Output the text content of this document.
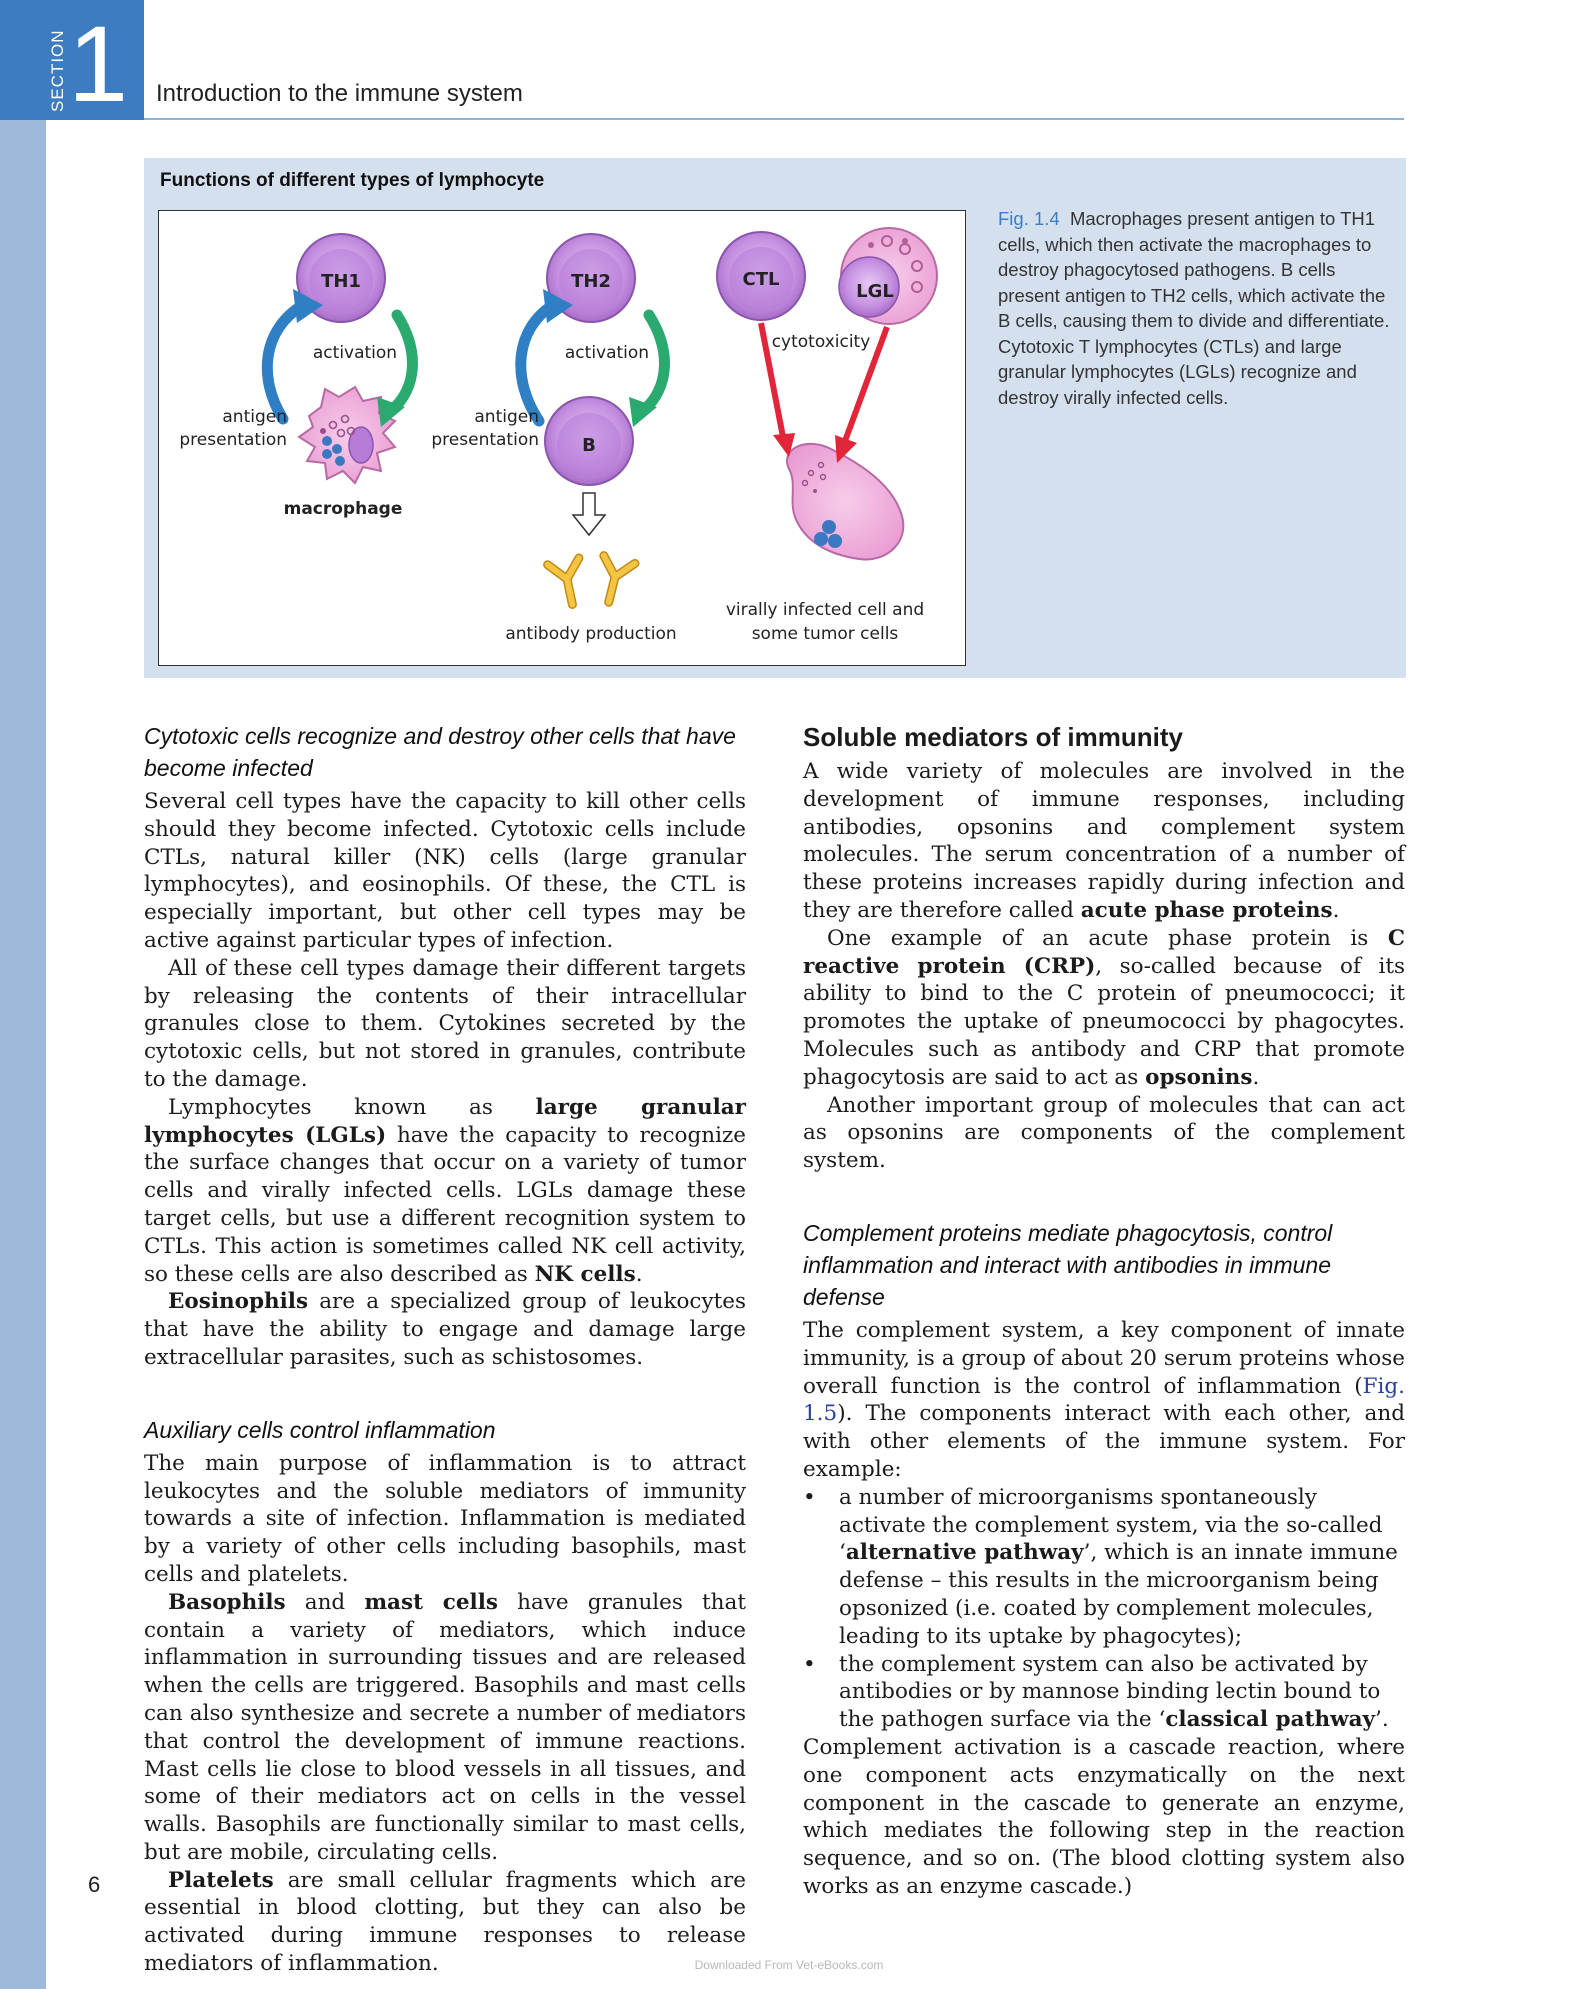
SECTION 1 Introduction to the immune system
Functions of different types of lymphocyte
TH1	TH2	CTL
LGL
B
activation	activation
cytotoxicity
antigen
presentation
antigen
presentation
macrophage
antibody production
virally infected cell and
some tumor cells
Fig. 1.4 Macrophages present antigen to TH1 cells, which then activate the macrophages to destroy phagocytosed pathogens. B cells present antigen to TH2 cells, which activate the B cells, causing them to divide and differentiate. Cytotoxic T lymphocytes (CTLs) and large granular lymphocytes (LGLs) recognize and destroy virally infected cells.
Cytotoxic cells recognize and destroy other cells that have become infected

Several cell types have the capacity to kill other cells should they become infected. Cytotoxic cells include CTLs, natural killer (NK) cells (large granular lymphocytes), and eosinophils. Of these, the CTL is especially important, but other cell types may be active against particular types of infection.

All of these cell types damage their different targets by releasing the contents of their intracellular granules close to them. Cytokines secreted by the cytotoxic cells, but not stored in granules, contribute to the damage.

Lymphocytes known as large granular lymphocytes (LGLs) have the capacity to recognize the surface changes that occur on a variety of tumor cells and virally infected cells. LGLs damage these target cells, but use a different recognition system to CTLs. This action is sometimes called NK cell activity, so these cells are also described as NK cells.

Eosinophils are a specialized group of leukocytes that have the ability to engage and damage large extracellular parasites, such as schistosomes.

Auxiliary cells control inflammation

The main purpose of inflammation is to attract leukocytes and the soluble mediators of immunity towards a site of infection. Inflammation is mediated by a variety of other cells including basophils, mast cells and platelets.

Basophils and mast cells have granules that contain a variety of mediators, which induce inflammation in surrounding tissues and are released when the cells are triggered. Basophils and mast cells can also synthesize and secrete a number of mediators that control the development of immune reactions. Mast cells lie close to blood vessels in all tissues, and some of their mediators act on cells in the vessel walls. Basophils are functionally similar to mast cells, but are mobile, circulating cells.

Platelets are small cellular fragments which are essential in blood clotting, but they can also be activated during immune responses to release mediators of inflammation.

Soluble mediators of immunity

A wide variety of molecules are involved in the development of immune responses, including antibodies, opsonins and complement system molecules. The serum concentration of a number of these proteins increases rapidly during infection and they are therefore called acute phase proteins.

One example of an acute phase protein is C reactive protein (CRP), so-called because of its ability to bind to the C protein of pneumococci; it promotes the uptake of pneumococci by phagocytes. Molecules such as antibody and CRP that promote phagocytosis are said to act as opsonins.

Another important group of molecules that can act as opsonins are components of the complement system.

Complement proteins mediate phagocytosis, control inflammation and interact with antibodies in immune defense

The complement system, a key component of innate immunity, is a group of about 20 serum proteins whose overall function is the control of inflammation (Fig. 1.5). The components interact with each other, and with other elements of the immune system. For example:

• a number of microorganisms spontaneously activate the complement system, via the so-called ‘alternative pathway’, which is an innate immune defense – this results in the microorganism being opsonized (i.e. coated by complement molecules, leading to its uptake by phagocytes);
• the complement system can also be activated by antibodies or by mannose binding lectin bound to the pathogen surface via the ‘classical pathway’.

Complement activation is a cascade reaction, where one component acts enzymatically on the next component in the cascade to generate an enzyme, which mediates the following step in the reaction sequence, and so on. (The blood clotting system also works as an enzyme cascade.)

6
Downloaded From Vet-eBooks.com
